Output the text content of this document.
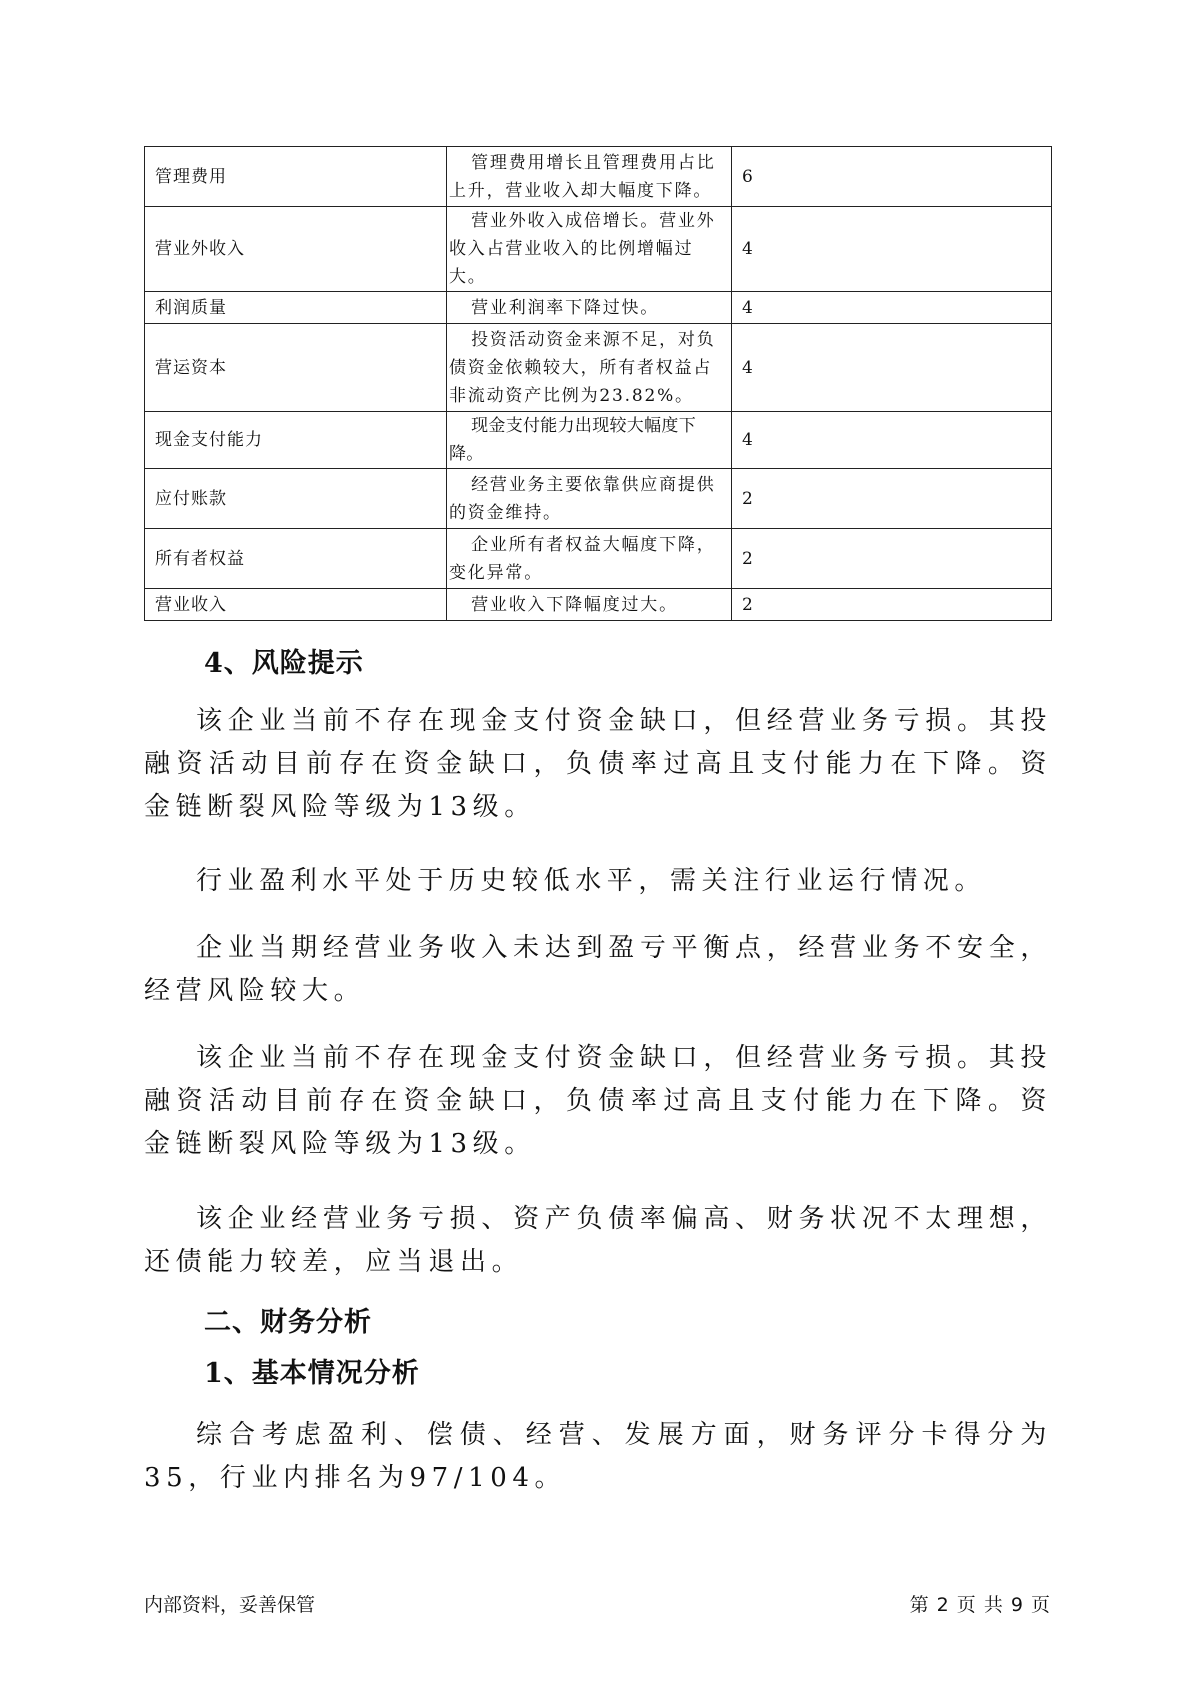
管理费用	管理费用增长且管理费用占比上升，营业收入却大幅度下降。	6
营业外收入	营业外收入成倍增长。营业外收入占营业收入的比例增幅过大。	4
利润质量	营业利润率下降过快。	4
营运资本	投资活动资金来源不足，对负债资金依赖较大，所有者权益占非流动资产比例为23.82%。	4
现金支付能力	现金支付能力出现较大幅度下降。	4
应付账款	经营业务主要依靠供应商提供的资金维持。	2
所有者权益	企业所有者权益大幅度下降，变化异常。	2
营业收入	营业收入下降幅度过大。	2
4、风险提示

该企业当前不存在现金支付资金缺口，但经营业务亏损。其投融资活动目前存在资金缺口，负债率过高且支付能力在下降。资金链断裂风险等级为13级。

行业盈利水平处于历史较低水平，需关注行业运行情况。

企业当期经营业务收入未达到盈亏平衡点，经营业务不安全，经营风险较大。

该企业当前不存在现金支付资金缺口，但经营业务亏损。其投融资活动目前存在资金缺口，负债率过高且支付能力在下降。资金链断裂风险等级为13级。

该企业经营业务亏损、资产负债率偏高、财务状况不太理想，还债能力较差，应当退出。

二、财务分析
1、基本情况分析

综合考虑盈利、偿债、经营、发展方面，财务评分卡得分为35，行业内排名为97/104。

内部资料，妥善保管	第 2 页 共 9 页
